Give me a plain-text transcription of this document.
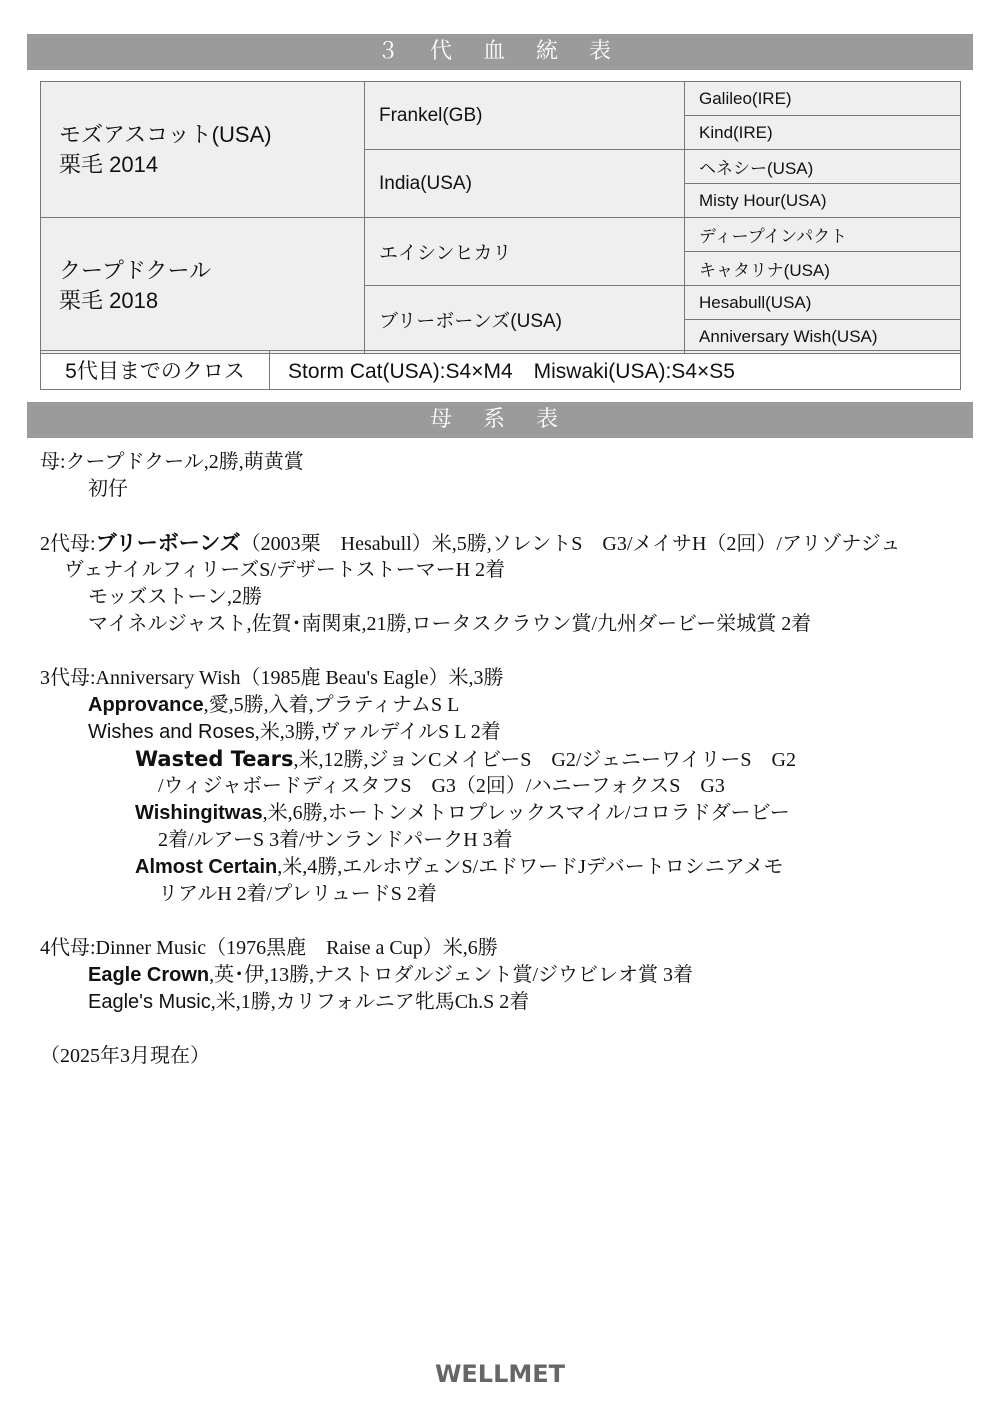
３ 代 血 統 表
モズアスコット(USA)
栗毛 2014	Frankel(GB)	Galileo(IRE)
		Kind(IRE)
	India(USA)	ヘネシー(USA)
		Misty Hour(USA)

クープドクール
栗毛 2018	エイシンヒカリ	ディープインパクト
		キャタリナ(USA)
	ブリーボーンズ(USA)	Hesabull(USA)
		Anniversary Wish(USA)
5代目までのクロス	Storm Cat(USA):S4×M4　Miswaki(USA):S4×S5
母 系 表
母:クープドクール,2勝,萌黄賞
初仔
2代母:ブリーボーンズ（2003栗　Hesabull）米,5勝,ソレントS　G3/メイサH（2回）/アリゾナジュ
ヴェナイルフィリーズS/デザートストーマーH 2着
モッズストーン,2勝
マイネルジャスト,佐賀･南関東,21勝,ロータスクラウン賞/九州ダービー栄城賞 2着
3代母:Anniversary Wish（1985鹿 Beau's Eagle）米,3勝
Approvance,愛,5勝,入着,プラティナムS L
Wishes and Roses,米,3勝,ヴァルデイルS L 2着
Wasted Tears,米,12勝,ジョンCメイビーS　G2/ジェニーワイリーS　G2
/ウィジャボードディスタフS　G3（2回）/ハニーフォクスS　G3
Wishingitwas,米,6勝,ホートンメトロプレックスマイル/コロラドダービー
2着/ルアーS 3着/サンランドパークH 3着
Almost Certain,米,4勝,エルホヴェンS/エドワードJデバートロシニアメモ
リアルH 2着/プレリュードS 2着
4代母:Dinner Music（1976黒鹿　Raise a Cup）米,6勝
Eagle Crown,英･伊,13勝,ナストロダルジェント賞/ジウビレオ賞 3着
Eagle's Music,米,1勝,カリフォルニア牝馬Ch.S 2着
（2025年3月現在）
WELLMET
